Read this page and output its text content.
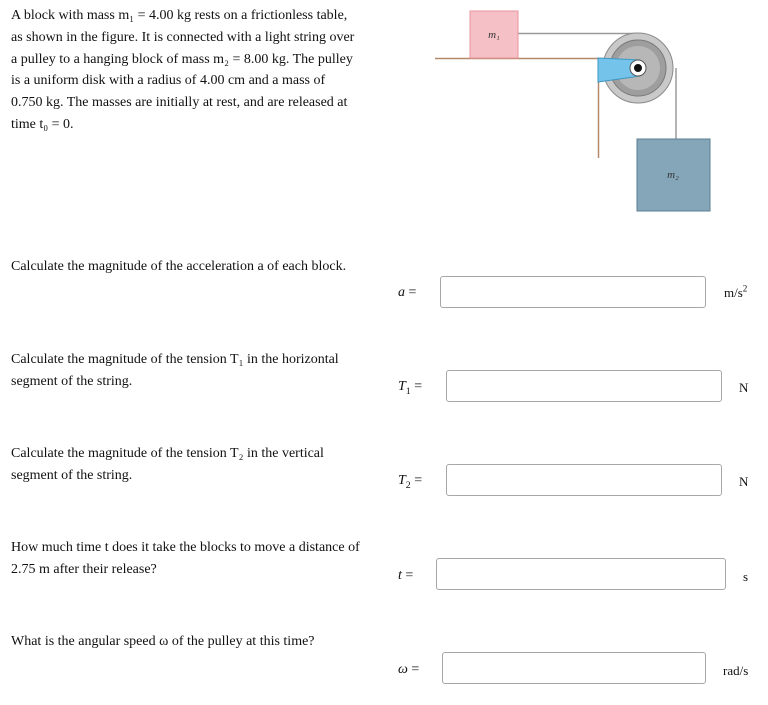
A block with mass m₁ = 4.00 kg rests on a frictionless table,

as shown in the figure. It is connected with a light string over

a pulley to a hanging block of mass m₂ = 8.00 kg. The pulley

is a uniform disk with a radius of 4.00 cm and a mass of

0.750 kg. The masses are initially at rest, and are released at

time t₀ = 0.

m₁
m₂

Calculate the magnitude of the acceleration a of each block.

a =	$m/s^2$

Calculate the magnitude of the tension T₁ in the horizontal

segment of the string.	$T_1$ =	N

Calculate the magnitude of the tension T₂ in the vertical

segment of the string.	$T_2$ =	N

How much time t does it take the blocks to move a distance of

2.75 m after their release?	t =	s

What is the angular speed ω of the pulley at this time?

ω =	rad/s
